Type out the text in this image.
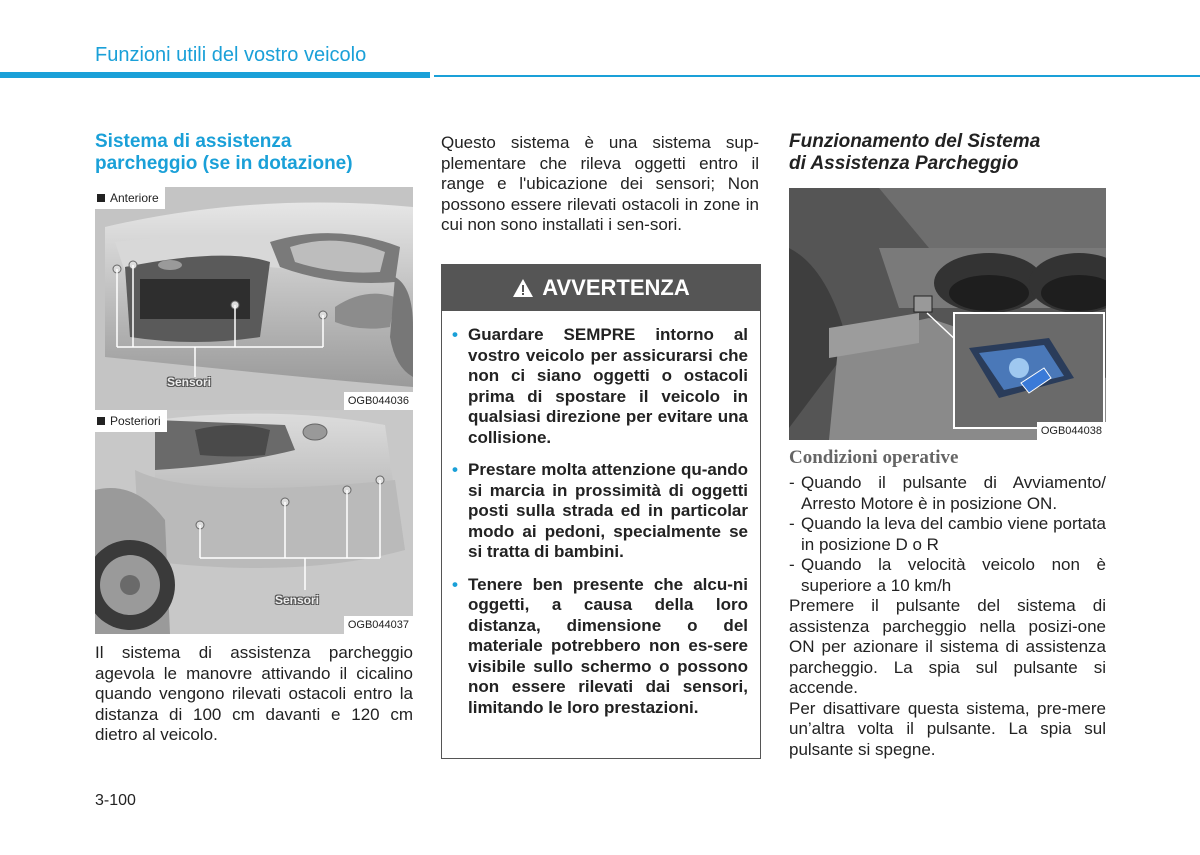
Funzioni utili del vostro veicolo
Sistema di assistenza
parcheggio (se in dotazione)
Anteriore
Sensori
OGB044036
Posteriori
Sensori
OGB044037
Il sistema di assistenza parcheggio agevola le manovre attivando il cicalino quando vengono rilevati ostacoli entro la distanza di 100 cm davanti e 120 cm dietro al veicolo.
Questo sistema è una sistema sup-plementare che rileva oggetti entro il range e l'ubicazione dei sensori; Non possono essere rilevati ostacoli in zone in cui non sono installati i sen-sori.
AVVERTENZA
• Guardare SEMPRE intorno al vostro veicolo per assicurarsi che non ci siano oggetti o ostacoli prima di spostare il veicolo in qualsiasi direzione per evitare una collisione.
• Prestare molta attenzione qu-ando si marcia in prossimità di oggetti posti sulla strada ed in particolar modo ai pedoni, specialmente se si tratta di bambini.
• Tenere ben presente che alcu-ni oggetti, a causa della loro distanza, dimensione o del materiale potrebbero non es-sere visibile sullo schermo o possono non essere rilevati dai sensori, limitando le loro prestazioni.
Funzionamento del Sistema
di Assistenza Parcheggio
OGB044038
Condizioni operative
- Quando il pulsante di Avviamento/ Arresto Motore è in posizione ON.
- Quando la leva del cambio viene portata in posizione D o R
- Quando la velocità veicolo non è superiore a 10 km/h
Premere il pulsante del sistema di assistenza parcheggio nella posizi-one ON per azionare il sistema di assistenza parcheggio. La spia sul pulsante si accende.
Per disattivare questa sistema, pre-mere un’altra volta il pulsante. La spia sul pulsante si spegne.
3-100
